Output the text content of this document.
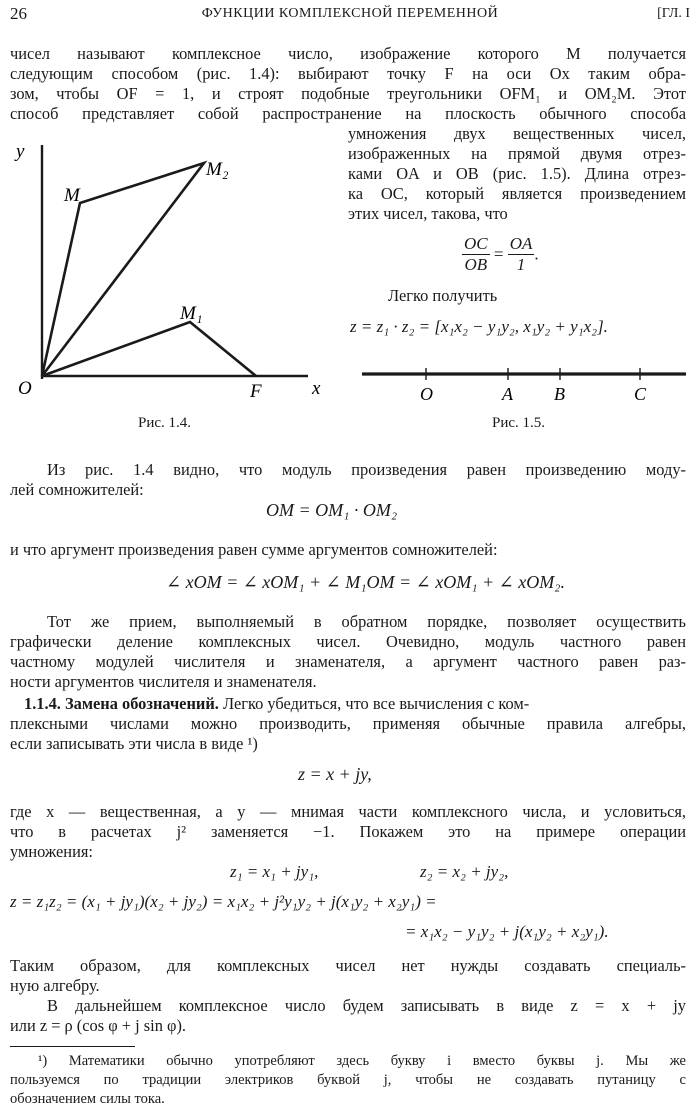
26	ФУНКЦИИ КОМПЛЕКСНОЙ ПЕРЕМЕННОЙ	[ГЛ. I
чисел называют комплексное число, изображение которого M получается
следующим способом (рис. 1.4): выбирают точку F на оси Ox таким обра-
зом, чтобы OF = 1, и строят подобные треугольники OFM₁ и OM₂M. Этот
способ представляет собой распространение на плоскость обычного способа
y
x
O	F
M
M₁
M₂
Рис. 1.4.
умножения двух вещественных чисел,
изображенных на прямой двумя отрез-
ками OA и OB (рис. 1.5). Длина отрез-
ка OC, который является произведением
этих чисел, такова, что
$\frac{OC}{OB} = \frac{OA}{1}$ .
Легко получить
z = z₁ · z₂ = [x₁x₂ − y₁y₂, x₁y₂ + y₁x₂].
O	A B	C
Рис. 1.5.
Из рис. 1.4 видно, что модуль произведения равен произведению моду-
лей сомножителей:
OM = OM₁ · OM₂
и что аргумент произведения равен сумме аргументов сомножителей:
∠ xOM = ∠ xOM₁ + ∠ M₁OM = ∠ xOM₁ + ∠ xOM₂.
Тот же прием, выполняемый в обратном порядке, позволяет осуществить
графически деление комплексных чисел. Очевидно, модуль частного равен
частному модулей числителя и знаменателя, а аргумент частного равен раз-
ности аргументов числителя и знаменателя.
1.1.4. Замена обозначений. Легко убедиться, что все вычисления с ком-
плексными числами можно производить, применяя обычные правила алгебры,
если записывать эти числа в виде ¹)
z = x + jy,
где x — вещественная, а y — мнимая части комплексного числа, и условиться,
что в расчетах j² заменяется −1. Покажем это на примере операции
умножения:
z₁ = x₁ + jy₁,	z₂ = x₂ + jy₂,
z = z₁z₂ = (x₁ + jy₁)(x₂ + jy₂) = x₁x₂ + j²y₁y₂ + j(x₁y₂ + x₂y₁) =
= x₁x₂ − y₁y₂ + j(x₁y₂ + x₂y₁).
Таким образом, для комплексных чисел нет нужды создавать специаль-
ную алгебру.
В дальнейшем комплексное число будем записывать в виде z = x + jy
или z = ρ (cos φ + j sin φ).
¹) Математики обычно употребляют здесь букву i вместо буквы j. Мы же
пользуемся по традиции электриков буквой j, чтобы не создавать путаницу с
обозначением силы тока.
